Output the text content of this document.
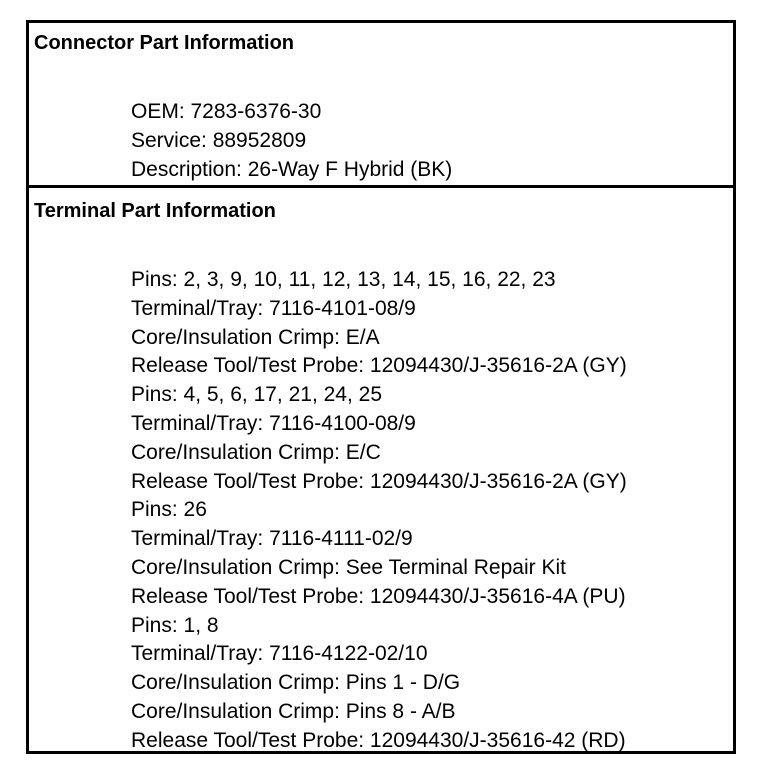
Connector Part Information
OEM: 7283-6376-30
Service: 88952809
Description: 26-Way F Hybrid (BK)
Terminal Part Information
Pins: 2, 3, 9, 10, 11, 12, 13, 14, 15, 16, 22, 23
Terminal/Tray: 7116-4101-08/9
Core/Insulation Crimp: E/A
Release Tool/Test Probe: 12094430/J-35616-2A (GY)
Pins: 4, 5, 6, 17, 21, 24, 25
Terminal/Tray: 7116-4100-08/9
Core/Insulation Crimp: E/C
Release Tool/Test Probe: 12094430/J-35616-2A (GY)
Pins: 26
Terminal/Tray: 7116-4111-02/9
Core/Insulation Crimp: See Terminal Repair Kit
Release Tool/Test Probe: 12094430/J-35616-4A (PU)
Pins: 1, 8
Terminal/Tray: 7116-4122-02/10
Core/Insulation Crimp: Pins 1 - D/G
Core/Insulation Crimp: Pins 8 - A/B
Release Tool/Test Probe: 12094430/J-35616-42 (RD)
